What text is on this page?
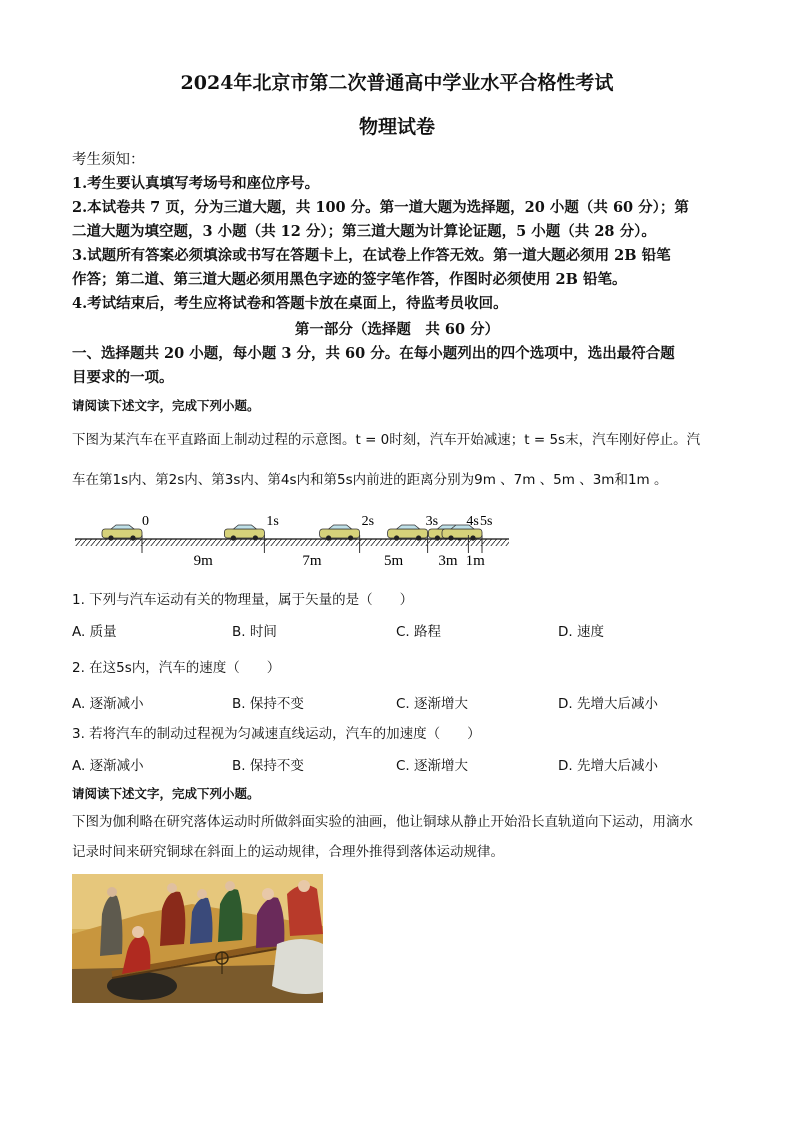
2024年北京市第二次普通高中学业水平合格性考试
物理试卷
考生须知：
1.考生要认真填写考场号和座位序号。
2.本试卷共 7 页，分为三道大题，共 100 分。第一道大题为选择题，20 小题（共 60 分）；第
二道大题为填空题，3 小题（共 12 分）；第三道大题为计算论证题，5 小题（共 28 分）。
3.试题所有答案必须填涂或书写在答题卡上，在试卷上作答无效。第一道大题必须用 2B 铅笔
作答；第二道、第三道大题必须用黑色字迹的签字笔作答，作图时必须使用 2B 铅笔。
4.考试结束后，考生应将试卷和答题卡放在桌面上，待监考员收回。
第一部分（选择题　共 60 分）
一、选择题共 20 小题，每小题 3 分，共 60 分。在每小题列出的四个选项中，选出最符合题
目要求的一项。
请阅读下述文字，完成下列小题。
下图为某汽车在平直路面上制动过程的示意图。t = 0时刻，汽车开始减速；t = 5s末，汽车刚好停止。汽
车在第1s内、第2s内、第3s内、第4s内和第5s内前进的距离分别为9m 、7m 、5m 、3m和1m 。
0	1s	2s	3s 4s 5s
9m	7m	5m 3m 1m
1. 下列与汽车运动有关的物理量，属于矢量的是（　　）
A. 质量	B. 时间	C. 路程	D. 速度
2. 在这5s内，汽车的速度（　　）
A. 逐渐减小	B. 保持不变	C. 逐渐增大	D. 先增大后减小
3. 若将汽车的制动过程视为匀减速直线运动，汽车的加速度（　　）
A. 逐渐减小	B. 保持不变	C. 逐渐增大	D. 先增大后减小
请阅读下述文字，完成下列小题。
下图为伽利略在研究落体运动时所做斜面实验的油画，他让铜球从静止开始沿长直轨道向下运动，用滴水
记录时间来研究铜球在斜面上的运动规律，合理外推得到落体运动规律。
